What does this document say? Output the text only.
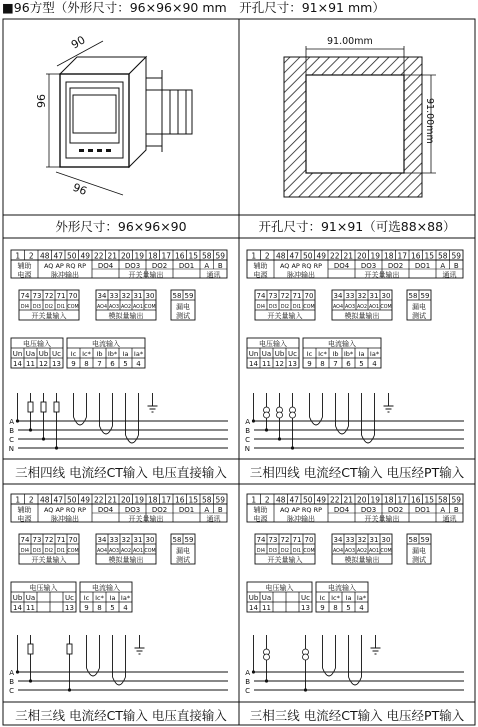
■96方型（外形尺寸：96×96×90 mm　开孔尺寸：91×91 mm）
90
96
96
91.00mm
91.00mm
外形尺寸：96×96×90	开孔尺寸：91×91（可选88×88）
三相四线 电流经CT输入 电压直接输入 三相四线 电流经CT输入 电压经PT输入
三相三线 电流经CT输入 电压直接输入 三相三线 电流经CT输入 电压经PT输入
1 2 48 47 50 49 22 21 20 19 18 17 16 15 58 59
辅助
电源
AQ AP RQ RP
脉冲输出
DO4 DO3 DO2 DO1
开关量输出
A B
通讯
74
DI4
73
DI3
72
DI2
71
DI1
70
COM
开关量输入
34
AO4
33
AO3
32
AO2
31
AO1
30
COM
模拟量输出
58 59
漏电
测试
电压输入
Un
14
Ua
11
Ub
12
Uc
13
电流输入
Ic
9
Ic*
8
Ib
7
Ib*
6
Ia
5
Ia*
4
A
B
C
N
1 2 48 47 50 49 22 21 20 19 18 17 16 15 58 59
辅助
电源
AQ AP RQ RP
脉冲输出
DO4 DO3 DO2 DO1
开关量输出
A B
通讯
74
DI4
73
DI3
72
DI2
71
DI1
70
COM
开关量输入
34
AO4
33
AO3
32
AO2
31
AO1
30
COM
模拟量输出
58 59
漏电
测试
电压输入
Un
14
Ua
11
Ub
12
Uc
13
电流输入
Ic
9
Ic*
8
Ib
7
Ib*
6
Ia
5
Ia*
4
A
B
C
N
1 2 48 47 50 49 22 21 20 19 18 17 16 15 58 59
辅助
电源
AQ AP RQ RP
脉冲输出
DO4 DO3 DO2 DO1
开关量输出
A B
通讯
74
DI4
73
DI3
72
DI2
71
DI1
70
COM
开关量输入
34
AO4
33
AO3
32
AO2
31
AO1
30
COM
模拟量输出
58 59
漏电
测试
电压输入
Ub
14
Ua
11
Uc
13
电流输入
Ic
9
Ic*
8
Ia
5
Ia*
4
A
B
C
1 2 48 47 50 49 22 21 20 19 18 17 16 15 58 59
辅助
电源
AQ AP RQ RP
脉冲输出
DO4 DO3 DO2 DO1
开关量输出
A B
通讯
74
DI4
73
DI3
72
DI2
71
DI1
70
COM
开关量输入
34
AO4
33
AO3
32
AO2
31
AO1
30
COM
模拟量输出
58 59
漏电
测试
电压输入
Ub
14
Ua
11
Uc
13
电流输入
Ic
9
Ic*
8
Ia
5
Ia*
4
A
B
C
